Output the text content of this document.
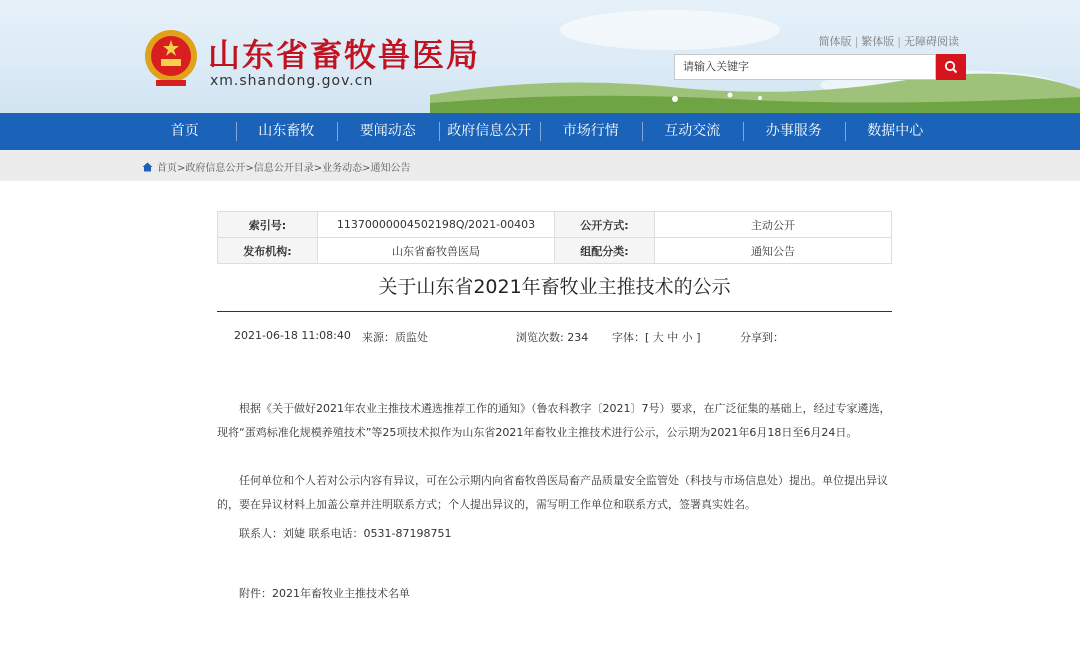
山东省畜牧兽医局
xm.shandong.gov.cn
简体版 | 繁体版 | 无障碍阅读
请输入关键字
首页	山东畜牧	要闻动态	政府信息公开	市场行情	互动交流	办事服务	数据中心
首页>政府信息公开>信息公开目录>业务动态>通知公告
索引号:	11370000004502198Q/2021-00403	公开方式:	主动公开
发布机构:	山东省畜牧兽医局	组配分类:	通知公告
关于山东省2021年畜牧业主推技术的公示
2021-06-18 11:08:40 来源：质监处	浏览次数: 234 字体：[ 大 中 小 ]	分享到：
根据《关于做好2021年农业主推技术遴选推荐工作的通知》（鲁农科教字〔2021〕7号）要求，在广泛征集的基础上，经过专家遴选，现将“蛋鸡标准化规模养殖技术”等25项技术拟作为山东省2021年畜牧业主推技术进行公示，公示期为2021年6月18日至6月24日。
任何单位和个人若对公示内容有异议，可在公示期内向省畜牧兽医局畜产品质量安全监管处（科技与市场信息处）提出。单位提出异议的，要在异议材料上加盖公章并注明联系方式；个人提出异议的，需写明工作单位和联系方式，签署真实姓名。
联系人：刘婕 联系电话：0531-87198751
附件：2021年畜牧业主推技术名单
